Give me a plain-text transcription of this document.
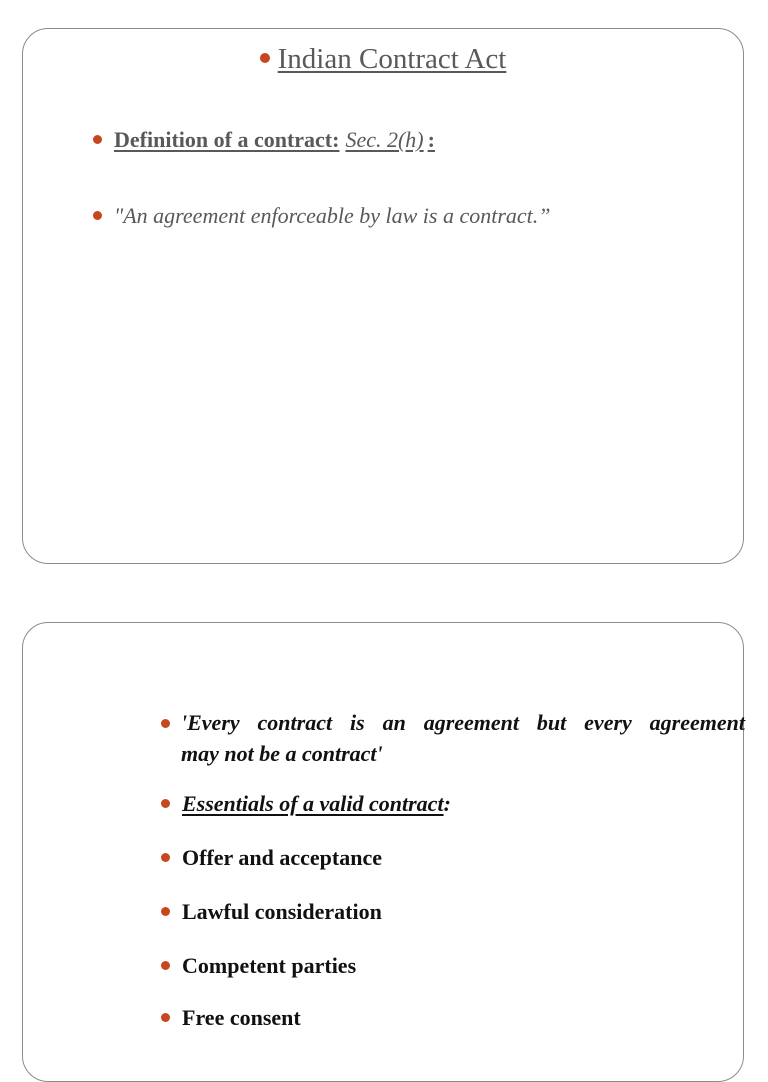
Indian Contract Act
Definition of a contract: Sec. 2(h) :
"An agreement enforceable by law is a contract.”
'Every contract is an agreement but every agreement
may not be a contract'
Essentials of a valid contract:
Offer and acceptance
Lawful consideration
Competent parties
Free consent
